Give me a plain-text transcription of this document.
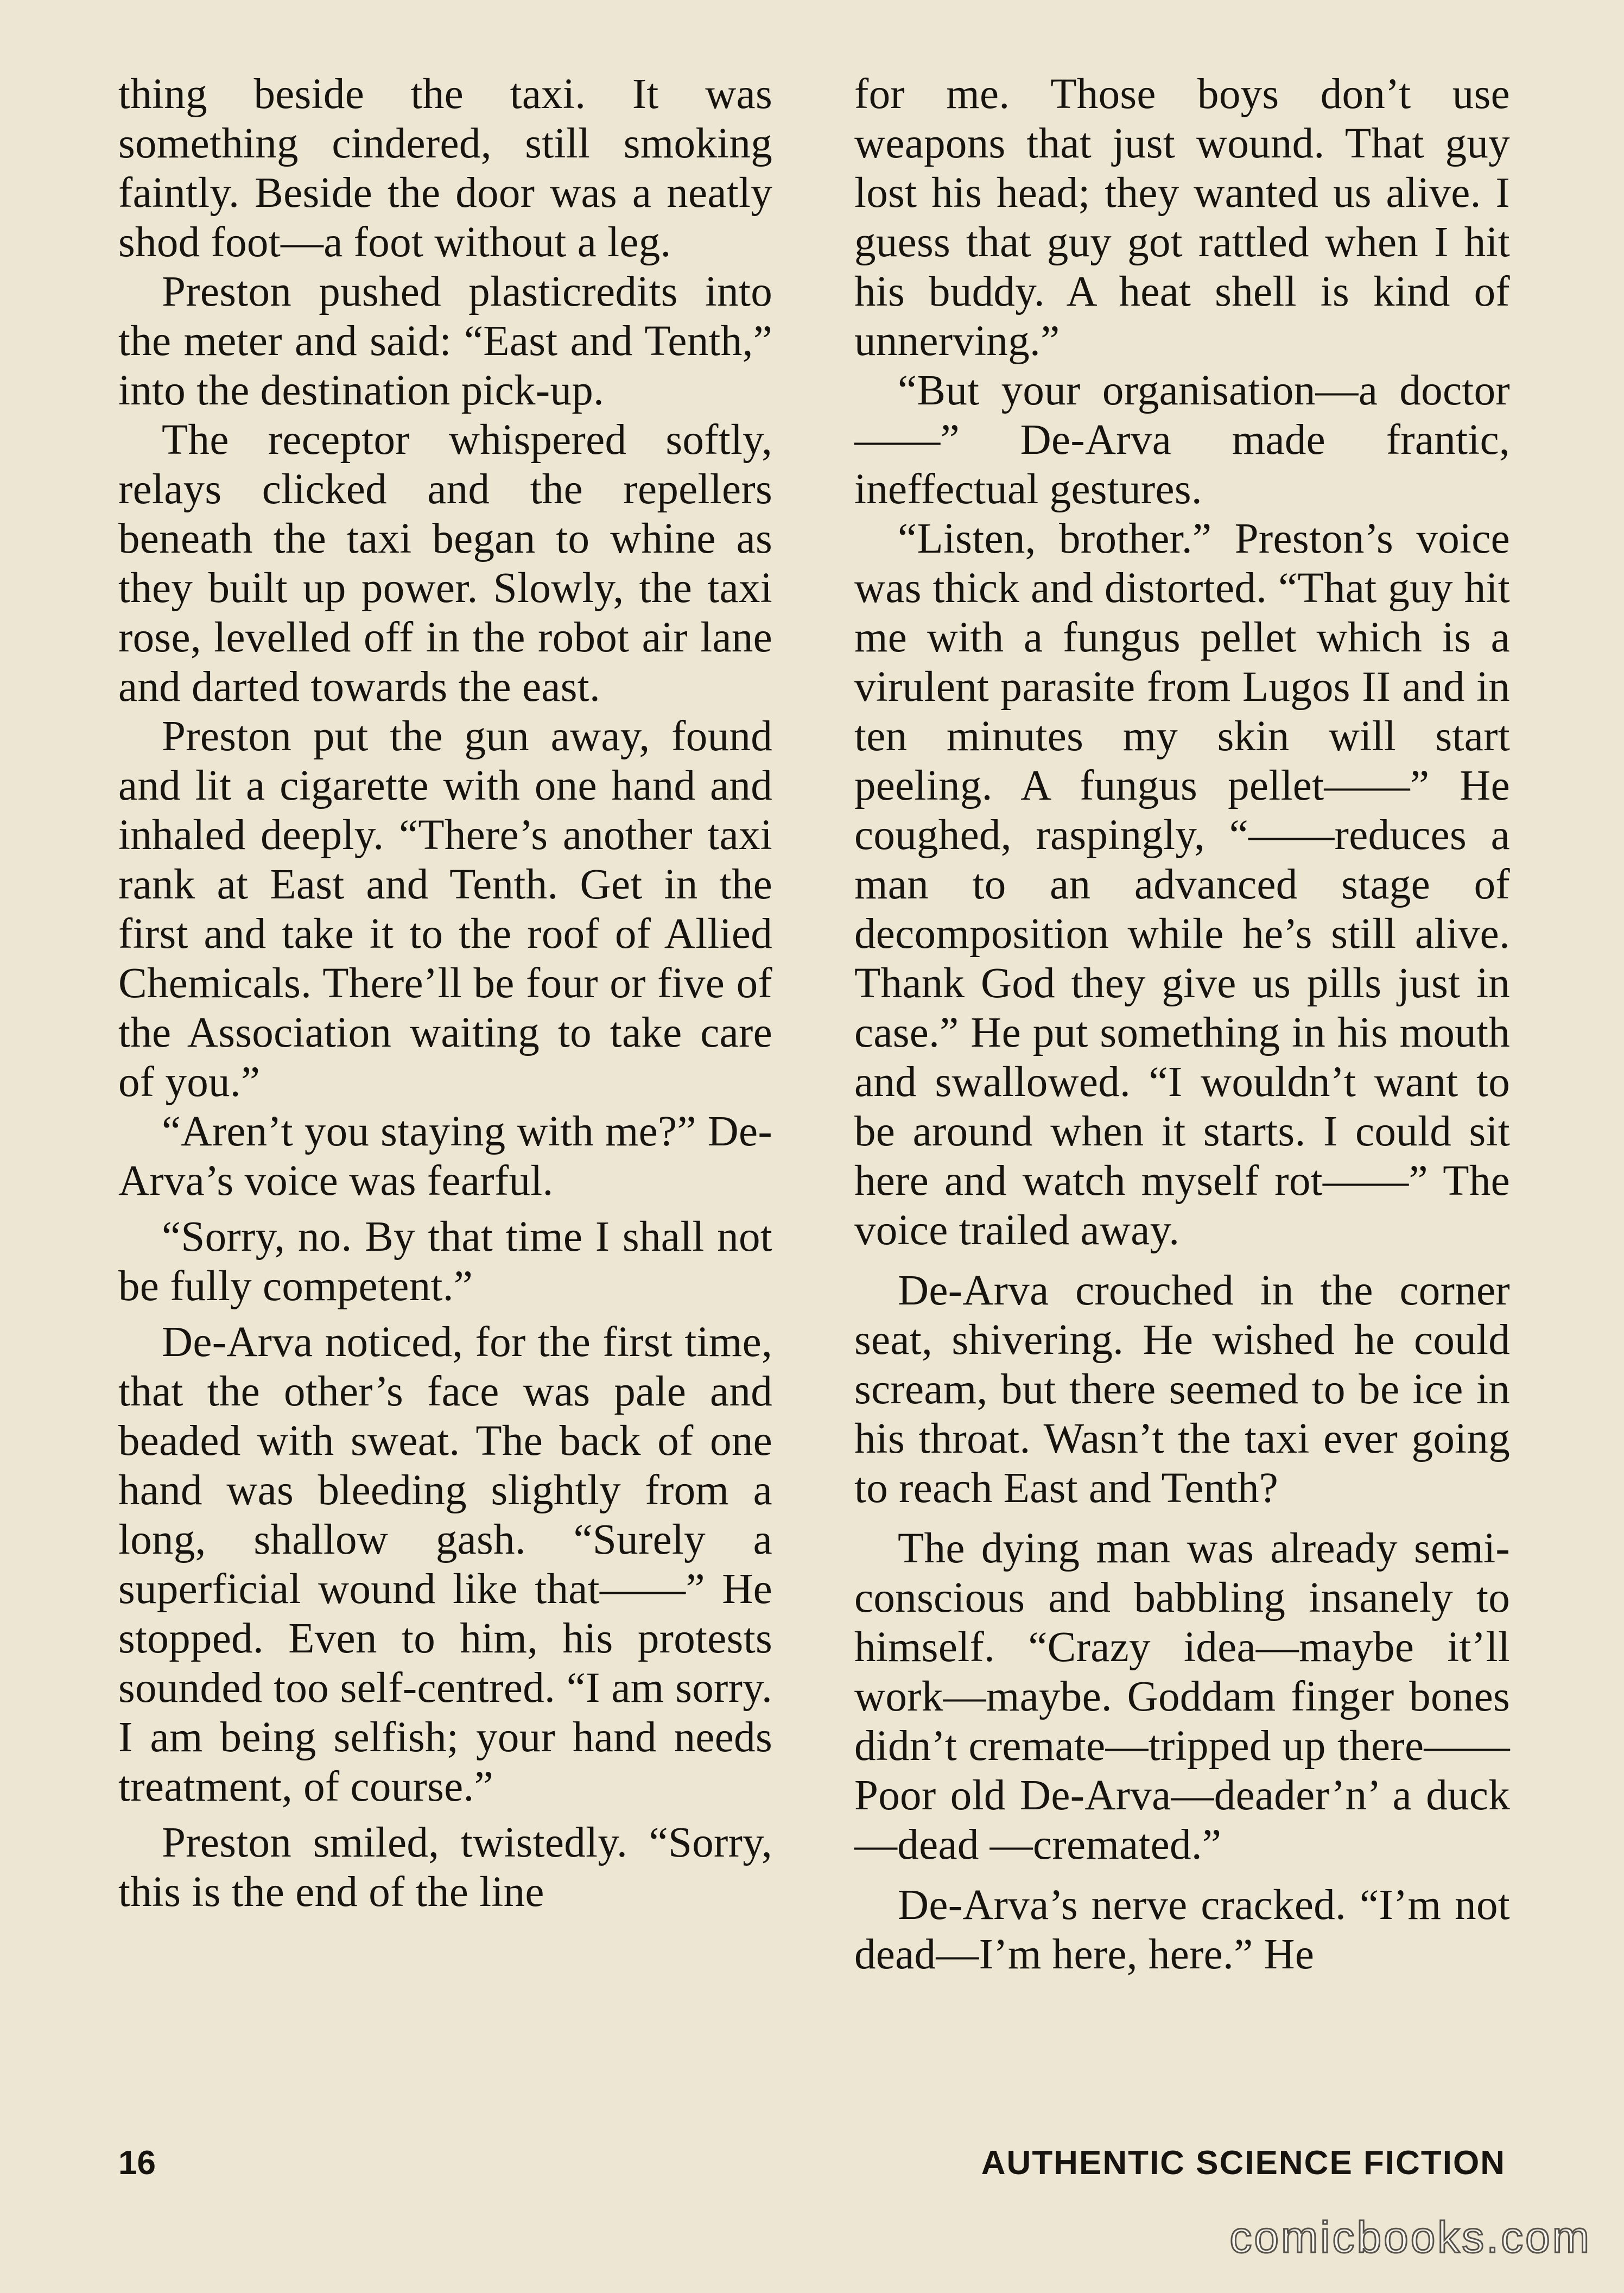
thing beside the taxi. It was something cindered, still smoking faintly. Beside the door was a neatly shod foot—a foot without a leg.

Preston pushed plasticredits into the meter and said: “East and Tenth,” into the destination pick-up.

The receptor whispered softly, relays clicked and the repellers beneath the taxi began to whine as they built up power. Slowly, the taxi rose, levelled off in the robot air lane and darted towards the east.

Preston put the gun away, found and lit a cigarette with one hand and inhaled deeply. “There’s another taxi rank at East and Tenth. Get in the first and take it to the roof of Allied Chemicals. There’ll be four or five of the Association waiting to take care of you.”

“Aren’t you staying with me?” De-Arva’s voice was fearful.

“Sorry, no. By that time I shall not be fully competent.”

De-Arva noticed, for the first time, that the other’s face was pale and beaded with sweat. The back of one hand was bleeding slightly from a long, shallow gash. “Surely a superficial wound like that——” He stopped. Even to him, his protests sounded too self-centred. “I am sorry. I am being selfish; your hand needs treatment, of course.”

Preston smiled, twistedly. “Sorry, this is the end of the line

for me. Those boys don’t use weapons that just wound. That guy lost his head; they wanted us alive. I guess that guy got rattled when I hit his buddy. A heat shell is kind of unnerving.”

“But your organisation—a doctor——” De-Arva made frantic, ineffectual gestures.

“Listen, brother.” Preston’s voice was thick and distorted. “That guy hit me with a fungus pellet which is a virulent parasite from Lugos II and in ten minutes my skin will start peeling. A fungus pellet——” He coughed, raspingly, “——reduces a man to an advanced stage of decomposition while he’s still alive. Thank God they give us pills just in case.” He put something in his mouth and swallowed. “I wouldn’t want to be around when it starts. I could sit here and watch myself rot——” The voice trailed away.

De-Arva crouched in the corner seat, shivering. He wished he could scream, but there seemed to be ice in his throat. Wasn’t the taxi ever going to reach East and Tenth?

The dying man was already semi-conscious and babbling insanely to himself. “Crazy idea—maybe it’ll work—maybe. Goddam finger bones didn’t cremate—tripped up there—— Poor old De-Arva—deader’n’ a duck—dead —cremated.”

De-Arva’s nerve cracked. “I’m not dead—I’m here, here.” He

16	AUTHENTIC SCIENCE FICTION
comicbooks.com
